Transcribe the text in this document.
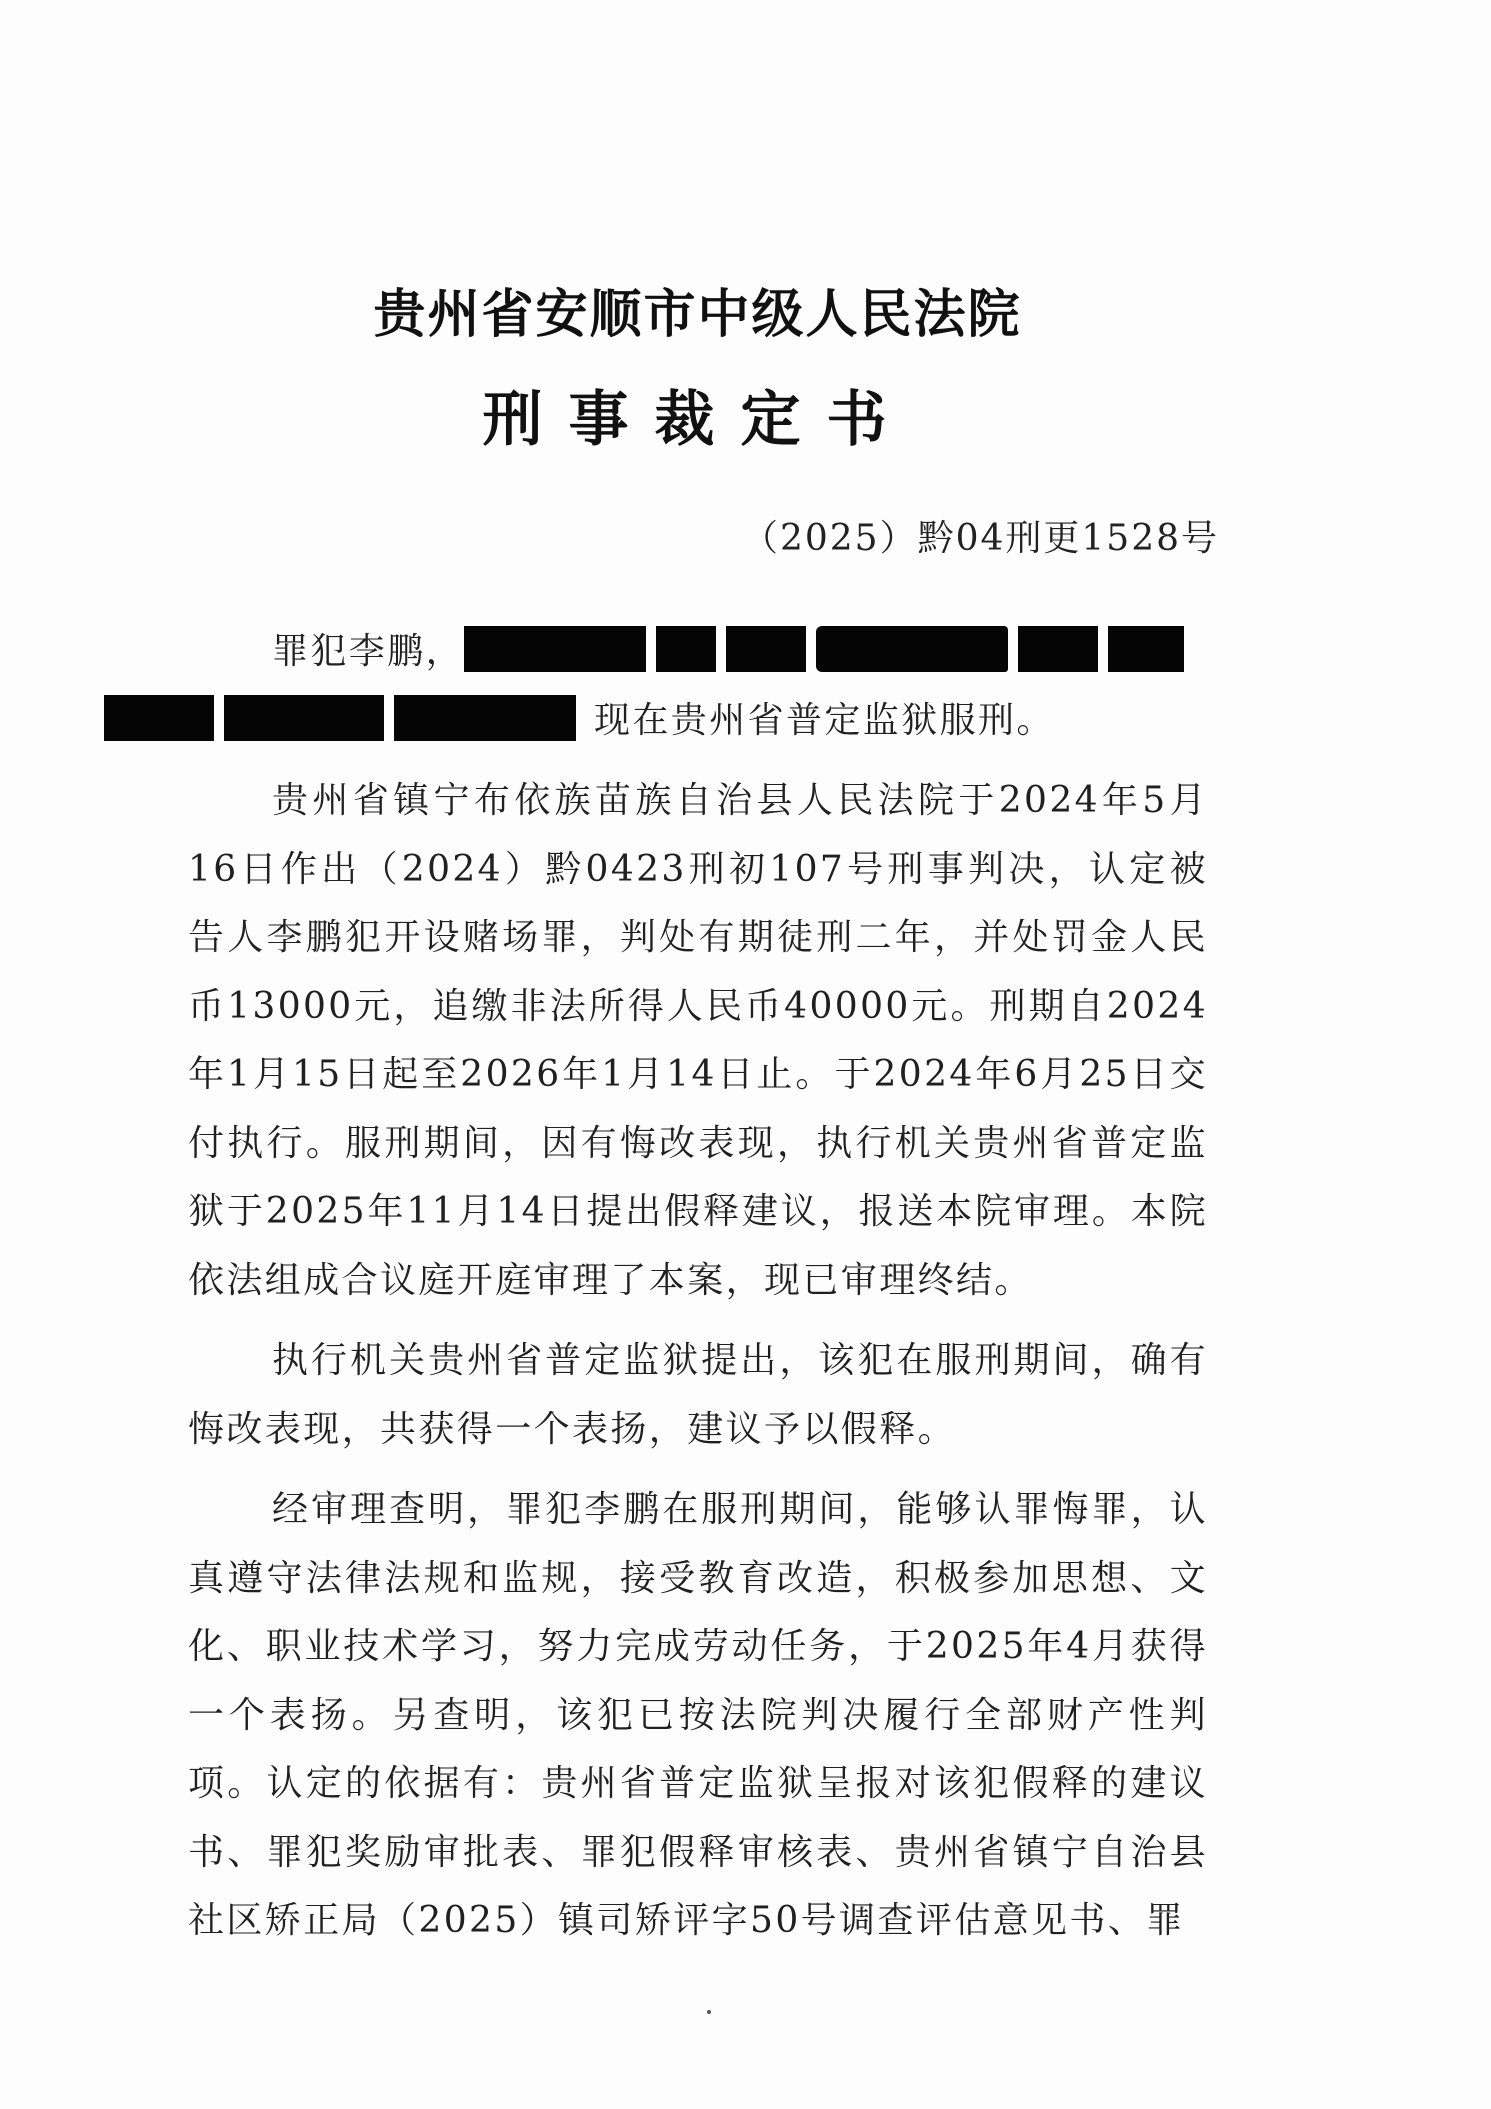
贵州省安顺市中级人民法院
刑事裁定书
（2025）黔04刑更1528号

罪犯李鹏，
现在贵州省普定监狱服刑。

贵州省镇宁布依族苗族自治县人民法院于2024年5月16日作出（2024）黔0423刑初107号刑事判决，认定被告人李鹏犯开设赌场罪，判处有期徒刑二年，并处罚金人民币13000元，追缴非法所得人民币40000元。刑期自2024年1月15日起至2026年1月14日止。于2024年6月25日交付执行。服刑期间，因有悔改表现，执行机关贵州省普定监狱于2025年11月14日提出假释建议，报送本院审理。本院依法组成合议庭开庭审理了本案，现已审理终结。

执行机关贵州省普定监狱提出，该犯在服刑期间，确有悔改表现，共获得一个表扬，建议予以假释。

经审理查明，罪犯李鹏在服刑期间，能够认罪悔罪，认真遵守法律法规和监规，接受教育改造，积极参加思想、文化、职业技术学习，努力完成劳动任务，于2025年4月获得一个表扬。另查明，该犯已按法院判决履行全部财产性判项。认定的依据有：贵州省普定监狱呈报对该犯假释的建议书、罪犯奖励审批表、罪犯假释审核表、贵州省镇宁自治县社区矫正局（2025）镇司矫评字50号调查评估意见书、罪
